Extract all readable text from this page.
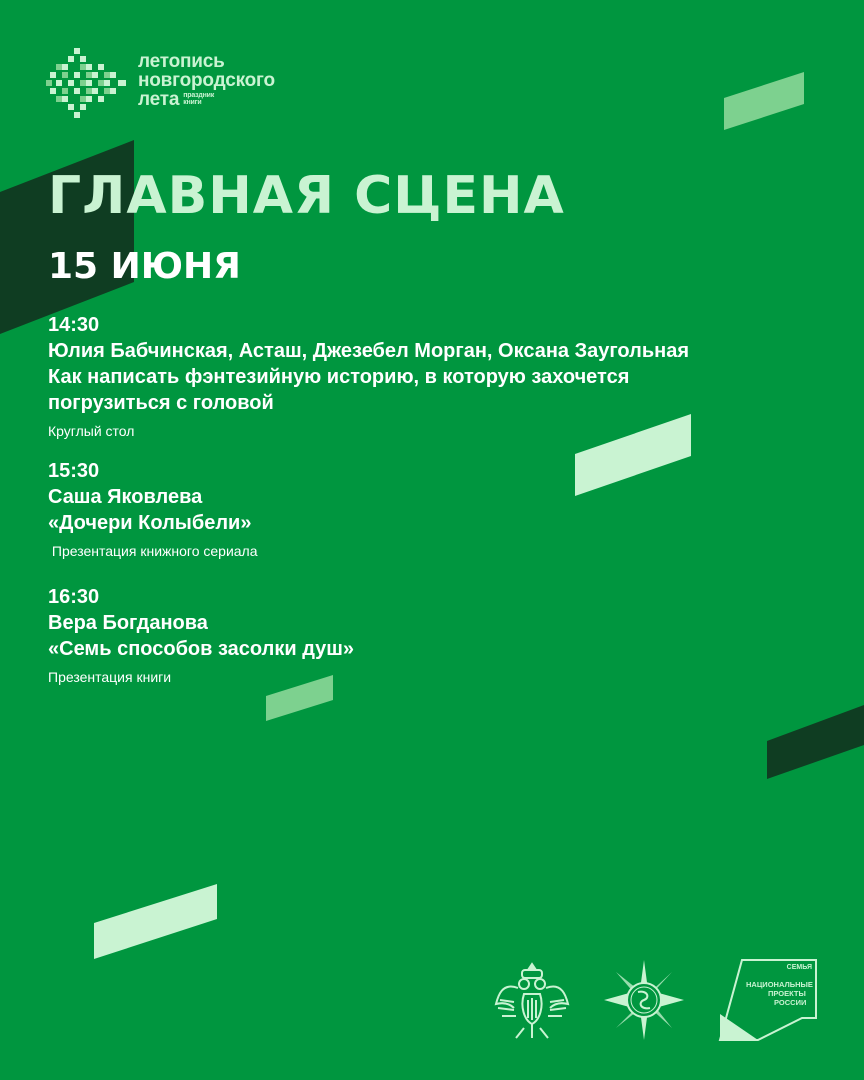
летопись
новгородского
лета праздник
книги
ГЛАВНАЯ СЦЕНА
15 ИЮНЯ
14:30
Юлия Бабчинская, Асташ, Джезебел Морган, Оксана Заугольная
Как написать фэнтезийную историю, в которую захочется
погрузиться с головой
Круглый стол
15:30
Саша Яковлева
«Дочери Колыбели»
Презентация книжного сериала
16:30
Вера Богданова
«Семь способов засолки душ»
Презентация книги
СЕМЬЯ
НАЦИОНАЛЬНЫЕ
ПРОЕКТЫ
РОССИИ
